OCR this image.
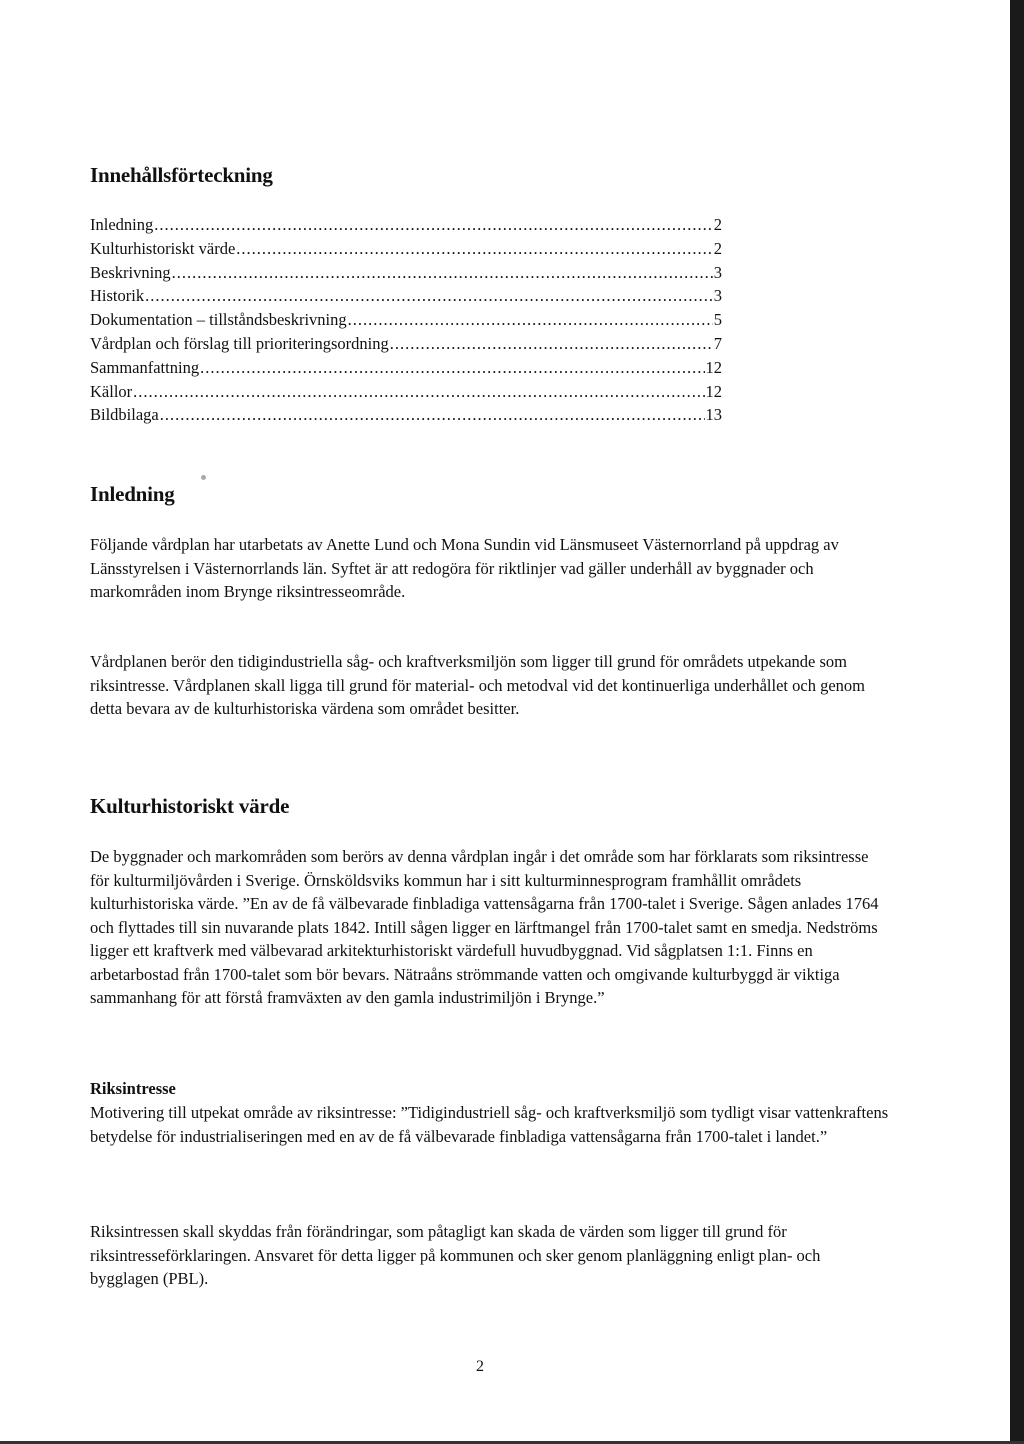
Innehållsförteckning
Inledning .....	2
Kulturhistoriskt värde .....	2
Beskrivning .....	3
Historik .....	3
Dokumentation – tillståndsbeskrivning .....	5
Vårdplan och förslag till prioriteringsordning .....	7
Sammanfattning .....	12
Källor .....	12
Bildbilaga .....	13
Inledning

Följande vårdplan har utarbetats av Anette Lund och Mona Sundin vid Länsmuseet Västernorrland på uppdrag av Länsstyrelsen i Västernorrlands län. Syftet är att redogöra för riktlinjer vad gäller underhåll av byggnader och markområden inom Brynge riksintresseområde.

Vårdplanen berör den tidigindustriella såg- och kraftverksmiljön som ligger till grund för områdets utpekande som riksintresse. Vårdplanen skall ligga till grund för material- och metodval vid det kontinuerliga underhållet och genom detta bevara av de kulturhistoriska värdena som området besitter.

Kulturhistoriskt värde

De byggnader och markområden som berörs av denna vårdplan ingår i det område som har förklarats som riksintresse för kulturmiljövården i Sverige. Örnsköldsviks kommun har i sitt kulturminnesprogram framhållit områdets kulturhistoriska värde. ”En av de få välbevarade finbladiga vattensågarna från 1700-talet i Sverige. Sågen anlades 1764 och flyttades till sin nuvarande plats 1842. Intill sågen ligger en lärftmangel från 1700-talet samt en smedja. Nedströms ligger ett kraftverk med välbevarad arkitekturhistoriskt värdefull huvudbyggnad. Vid sågplatsen 1:1. Finns en arbetarbostad från 1700-talet som bör bevars. Nätraåns strömmande vatten och omgivande kulturbyggd är viktiga sammanhang för att förstå framväxten av den gamla industrimiljön i Brynge.”

Riksintresse

Motivering till utpekat område av riksintresse: ”Tidigindustriell såg- och kraftverksmiljö som tydligt visar vattenkraftens betydelse för industrialiseringen med en av de få välbevarade finbladiga vattensågarna från 1700-talet i landet.”

Riksintressen skall skyddas från förändringar, som påtagligt kan skada de värden som ligger till grund för riksintresseförklaringen. Ansvaret för detta ligger på kommunen och sker genom planläggning enligt plan- och bygglagen (PBL).

2
